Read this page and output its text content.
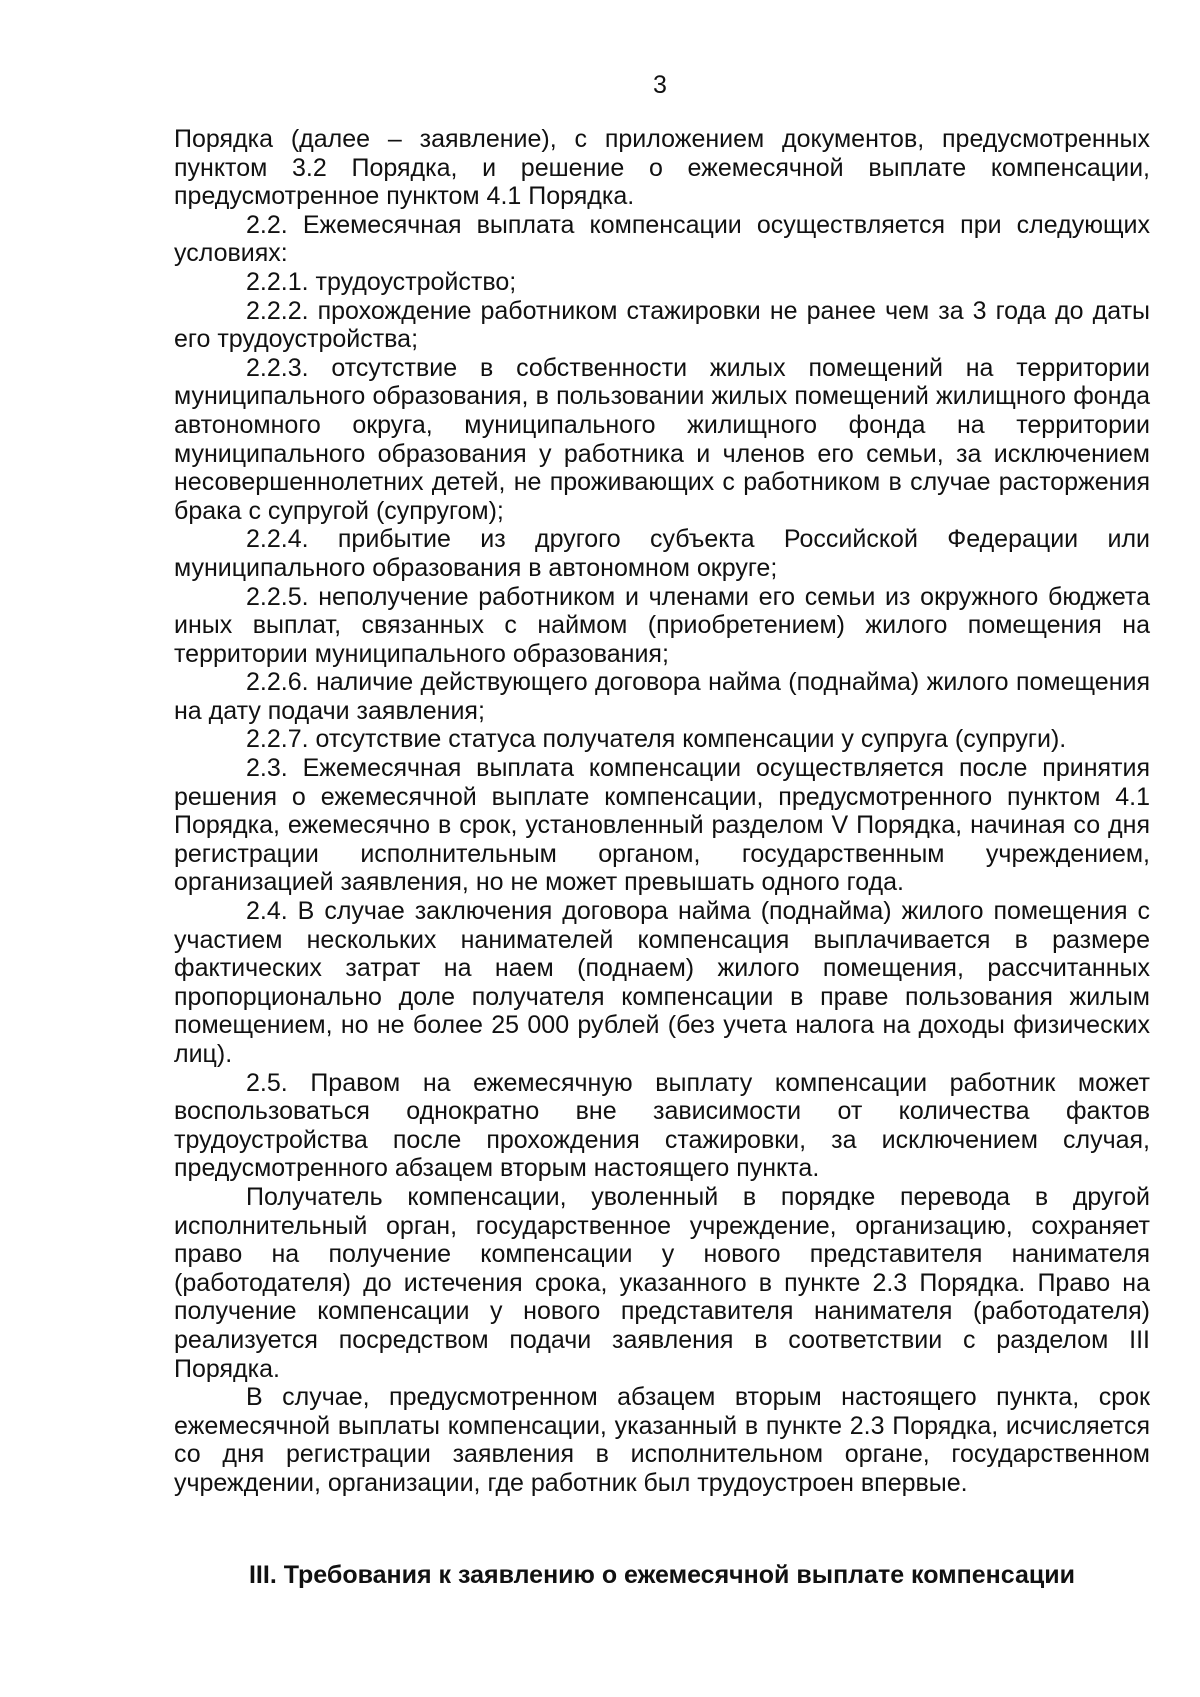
3

Порядка (далее – заявление), с приложением документов, предусмотренных пунктом 3.2 Порядка, и решение о ежемесячной выплате компенсации, предусмотренное пунктом 4.1 Порядка.

2.2. Ежемесячная выплата компенсации осуществляется при следующих условиях:

2.2.1. трудоустройство;

2.2.2. прохождение работником стажировки не ранее чем за 3 года до даты его трудоустройства;

2.2.3. отсутствие в собственности жилых помещений на территории муниципального образования, в пользовании жилых помещений жилищного фонда автономного округа, муниципального жилищного фонда на территории муниципального образования у работника и членов его семьи, за исключением несовершеннолетних детей, не проживающих с работником в случае расторжения брака с супругой (супругом);

2.2.4. прибытие из другого субъекта Российской Федерации или муниципального образования в автономном округе;

2.2.5. неполучение работником и членами его семьи из окружного бюджета иных выплат, связанных с наймом (приобретением) жилого помещения на территории муниципального образования;

2.2.6. наличие действующего договора найма (поднайма) жилого помещения на дату подачи заявления;

2.2.7. отсутствие статуса получателя компенсации у супруга (супруги).

2.3. Ежемесячная выплата компенсации осуществляется после принятия решения о ежемесячной выплате компенсации, предусмотренного пунктом 4.1 Порядка, ежемесячно в срок, установленный разделом V Порядка, начиная со дня регистрации исполнительным органом, государственным учреждением, организацией заявления, но не может превышать одного года.

2.4. В случае заключения договора найма (поднайма) жилого помещения с участием нескольких нанимателей компенсация выплачивается в размере фактических затрат на наем (поднаем) жилого помещения, рассчитанных пропорционально доле получателя компенсации в праве пользования жилым помещением, но не более 25 000 рублей (без учета налога на доходы физических лиц).

2.5. Правом на ежемесячную выплату компенсации работник может воспользоваться однократно вне зависимости от количества фактов трудоустройства после прохождения стажировки, за исключением случая, предусмотренного абзацем вторым настоящего пункта.

Получатель компенсации, уволенный в порядке перевода в другой исполнительный орган, государственное учреждение, организацию, сохраняет право на получение компенсации у нового представителя нанимателя (работодателя) до истечения срока, указанного в пункте 2.3 Порядка. Право на получение компенсации у нового представителя нанимателя (работодателя) реализуется посредством подачи заявления в соответствии с разделом III Порядка.

В случае, предусмотренном абзацем вторым настоящего пункта, срок ежемесячной выплаты компенсации, указанный в пункте 2.3 Порядка, исчисляется со дня регистрации заявления в исполнительном органе, государственном учреждении, организации, где работник был трудоустроен впервые.

III. Требования к заявлению о ежемесячной выплате компенсации
